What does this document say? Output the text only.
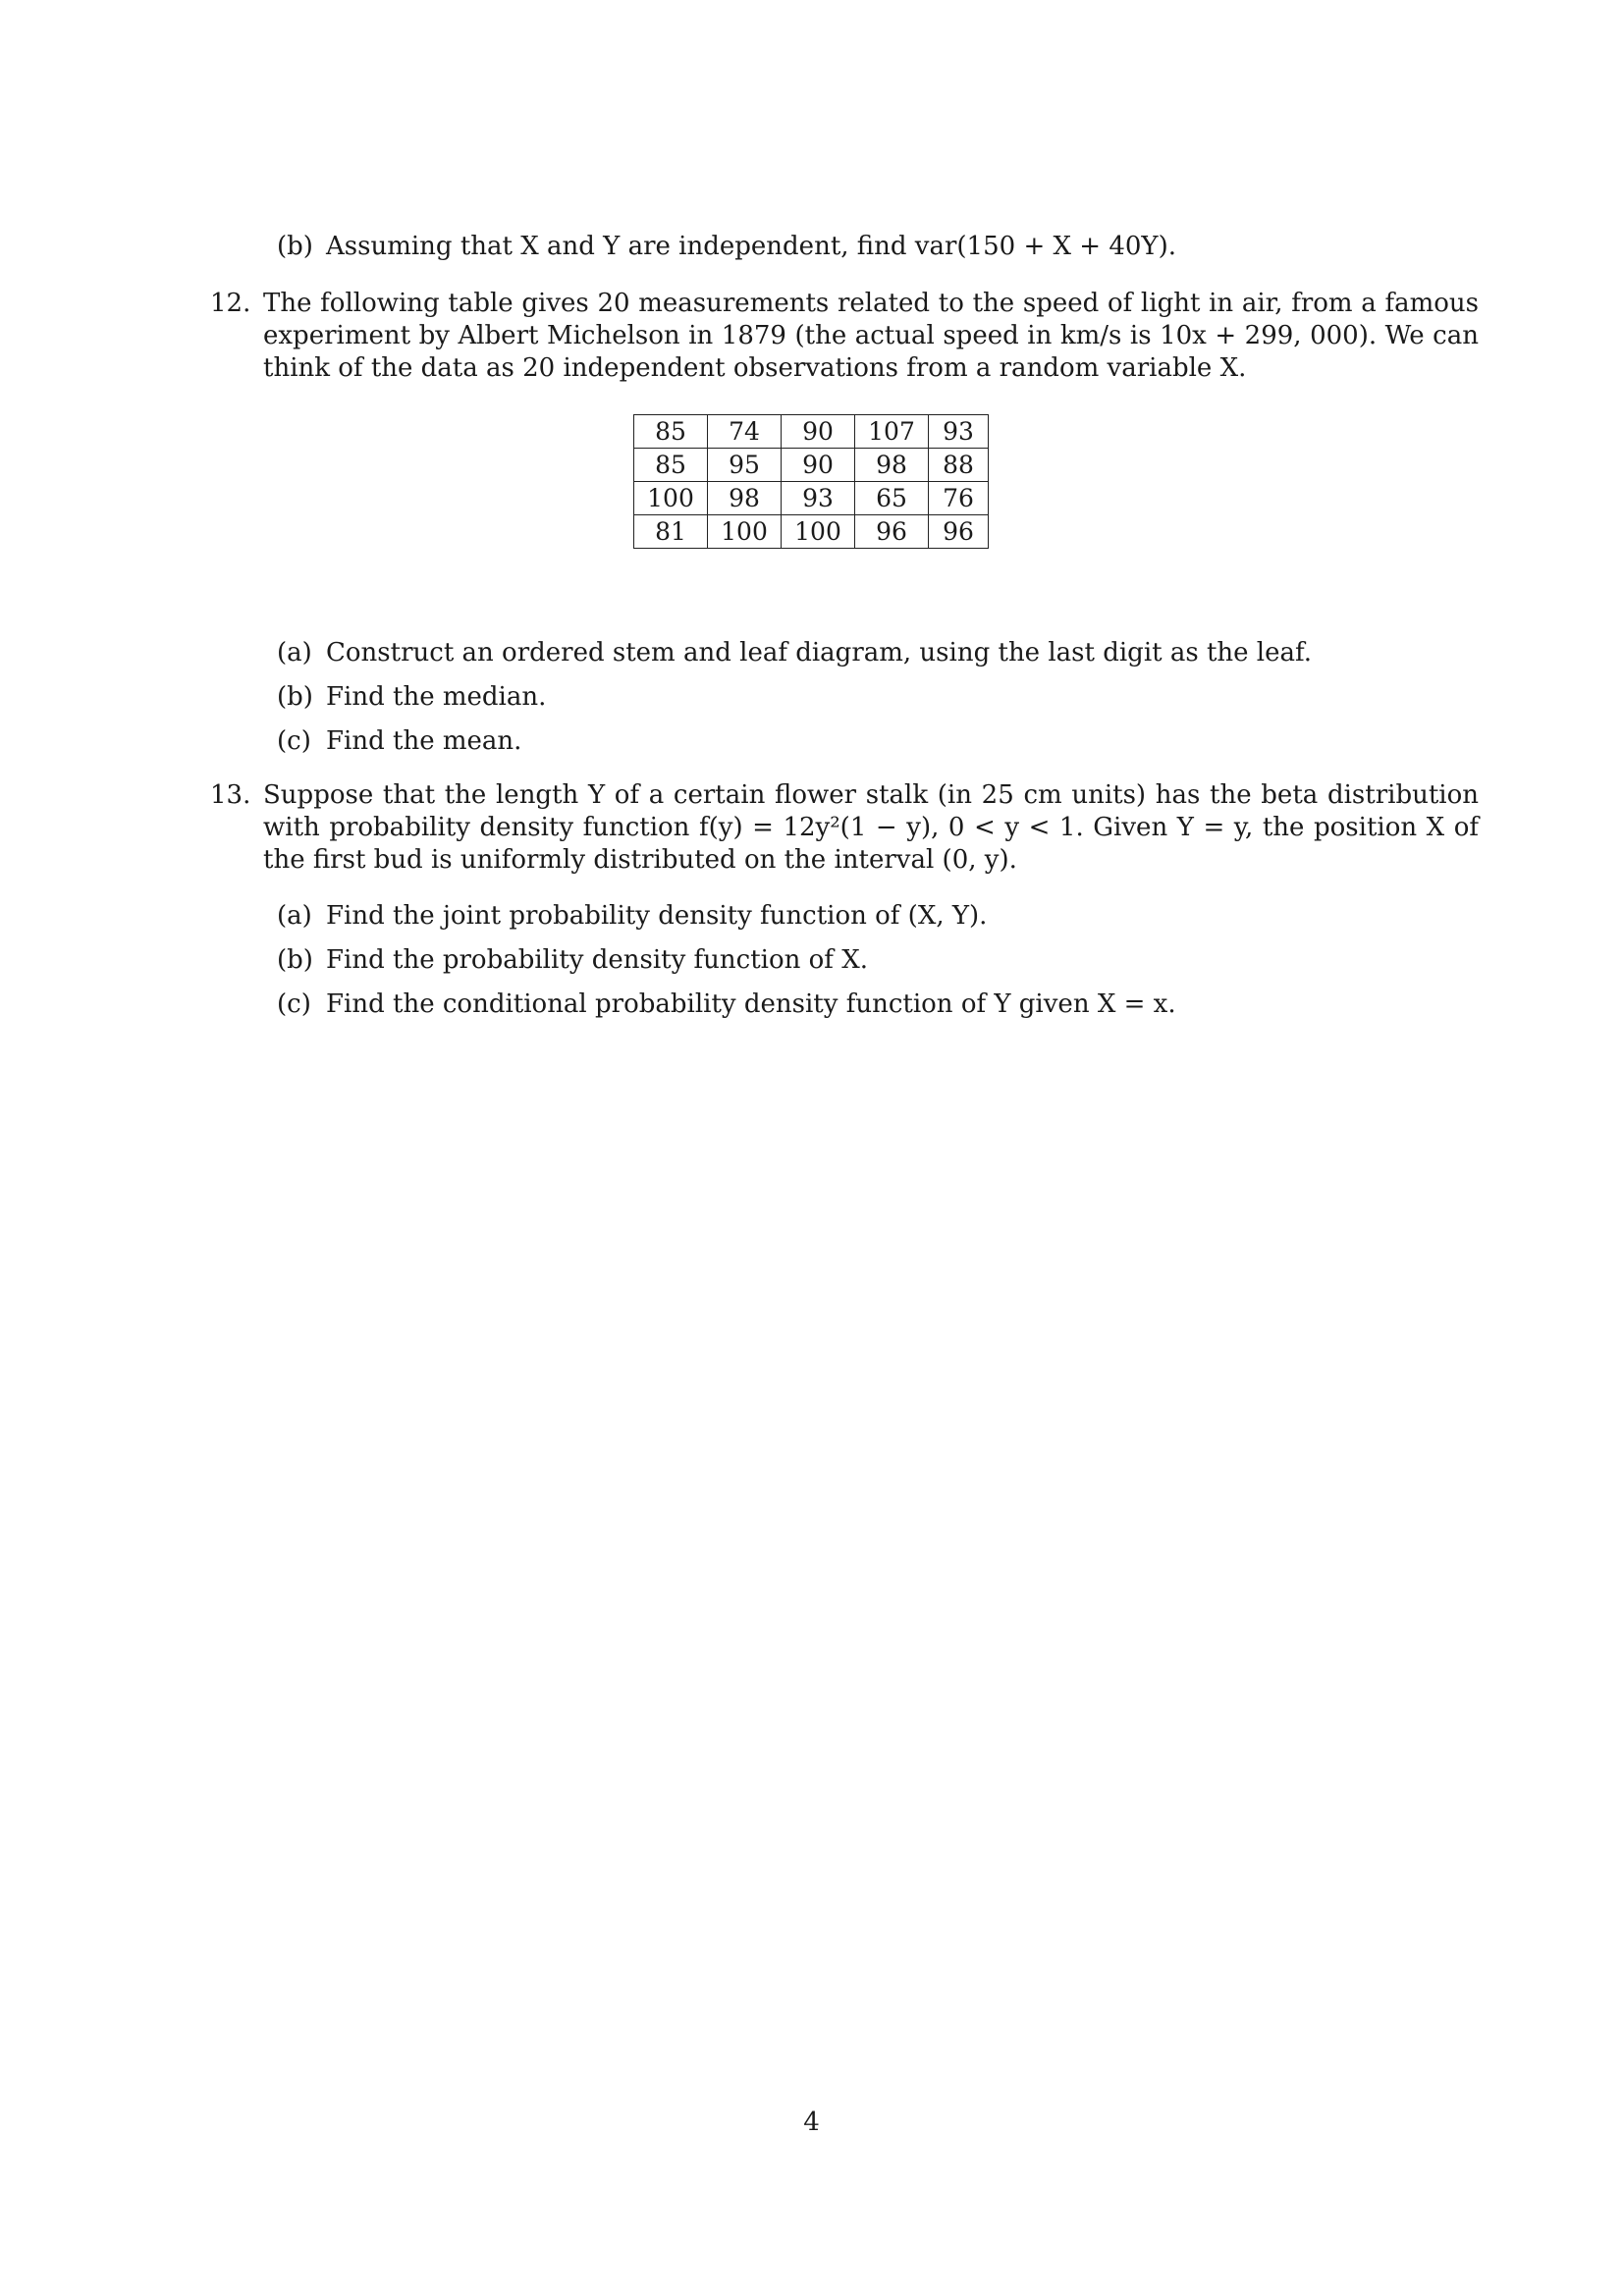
(b) Assuming that X and Y are independent, find var(150 + X + 40Y).
12. The following table gives 20 measurements related to the speed of light in air, from a famous experiment by Albert Michelson in 1879 (the actual speed in km/s is 10x + 299, 000). We can think of the data as 20 independent observations from a random variable X.
85	74	90	107	93
85	95	90	98	88
100	98	93	65	76
81	100	100	96	96
(a) Construct an ordered stem and leaf diagram, using the last digit as the leaf.
(b) Find the median.
(c) Find the mean.
13. Suppose that the length Y of a certain flower stalk (in 25 cm units) has the beta distribution with probability density function f(y) = 12y²(1 − y), 0 < y < 1. Given Y = y, the position X of the first bud is uniformly distributed on the interval (0, y).
(a) Find the joint probability density function of (X, Y).
(b) Find the probability density function of X.
(c) Find the conditional probability density function of Y given X = x.
4
